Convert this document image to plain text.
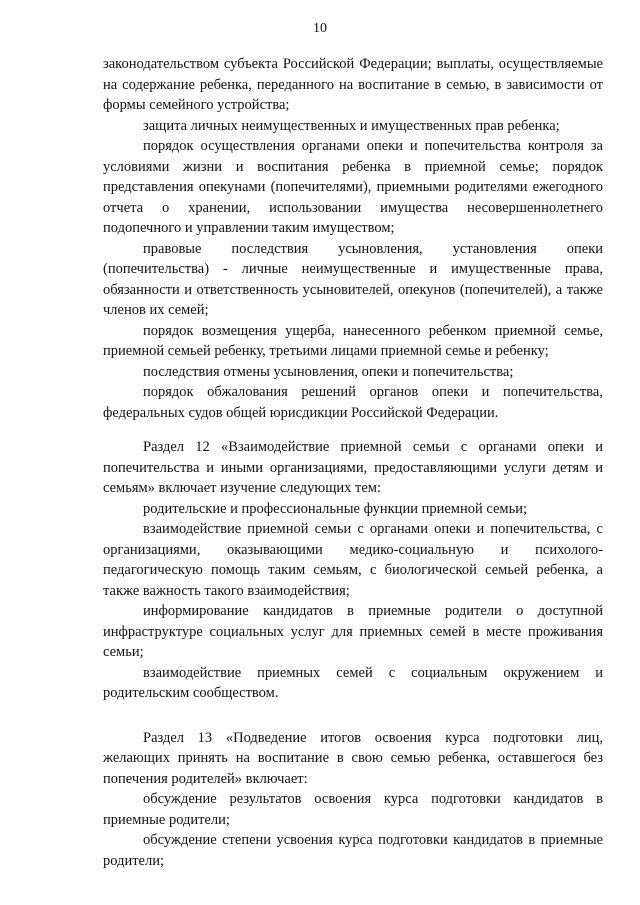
10

законодательством субъекта Российской Федерации; выплаты, осуществляемые на содержание ребенка, переданного на воспитание в семью, в зависимости от формы семейного устройства;

защита личных неимущественных и имущественных прав ребенка;

порядок осуществления органами опеки и попечительства контроля за условиями жизни и воспитания ребенка в приемной семье; порядок представления опекунами (попечителями), приемными родителями ежегодного отчета о хранении, использовании имущества несовершеннолетнего подопечного и управлении таким имуществом;

правовые последствия усыновления, установления опеки (попечительства) - личные неимущественные и имущественные права, обязанности и ответственность усыновителей, опекунов (попечителей), а также членов их семей;

порядок возмещения ущерба, нанесенного ребенком приемной семье, приемной семьей ребенку, третьими лицами приемной семье и ребенку;

последствия отмены усыновления, опеки и попечительства;

порядок обжалования решений органов опеки и попечительства, федеральных судов общей юрисдикции Российской Федерации.

Раздел 12 «Взаимодействие приемной семьи с органами опеки и попечительства и иными организациями, предоставляющими услуги детям и семьям» включает изучение следующих тем:

родительские и профессиональные функции приемной семьи;

взаимодействие приемной семьи с органами опеки и попечительства, с организациями, оказывающими медико-социальную и психолого-педагогическую помощь таким семьям, с биологической семьей ребенка, а также важность такого взаимодействия;

информирование кандидатов в приемные родители о доступной инфраструктуре социальных услуг для приемных семей в месте проживания семьи;

взаимодействие приемных семей с социальным окружением и родительским сообществом.

Раздел 13 «Подведение итогов освоения курса подготовки лиц, желающих принять на воспитание в свою семью ребенка, оставшегося без попечения родителей» включает:

обсуждение результатов освоения курса подготовки кандидатов в приемные родители;

обсуждение степени усвоения курса подготовки кандидатов в приемные родители;
